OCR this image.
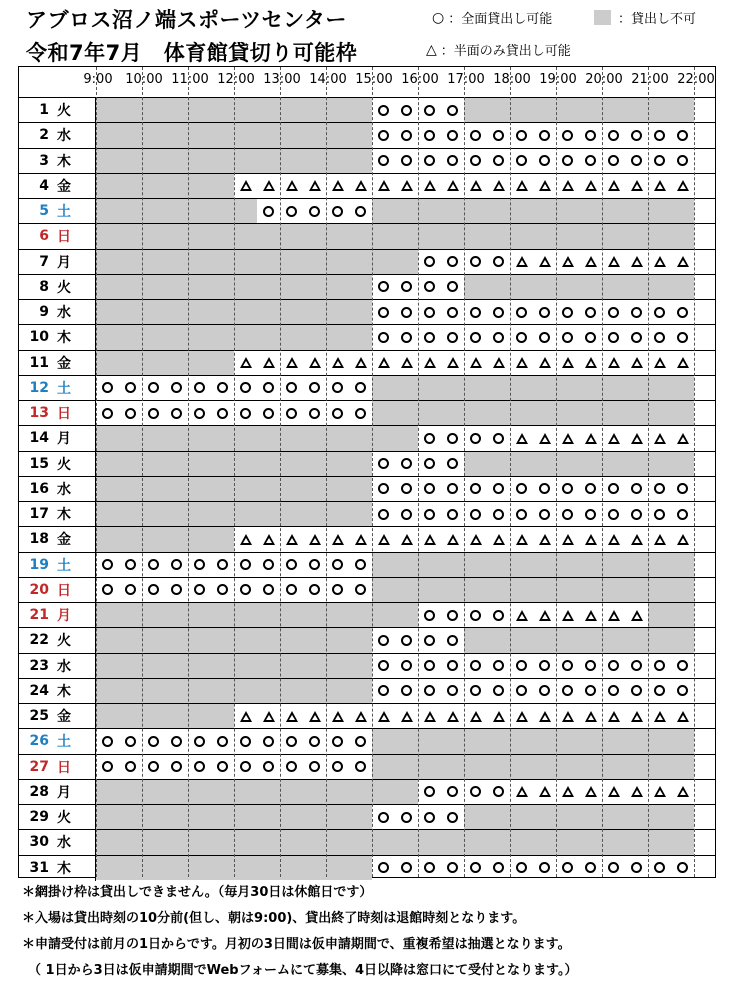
アブロス沼ノ端スポーツセンター
令和7年7月　体育館貸切り可能枠
○ ：全面貸出し可能	：貸出し不可
△ ：半面のみ貸出し可能
9:00 10:00 11:00 12:00 13:00 14:00 15:00 16:00 17:00 18:00 19:00 20:00 21:00 22:00
1 火
2 水
3 木
4 金
5 土
6 日
7 月
8 火
9 水
10 木
11 金
12 土
13 日
14 月
15 火
16 水
17 木
18 金
19 土
20 日
21 月
22 火
23 水
24 木
25 金
26 土
27 日
28 月
29 火
30 水
31 木
＊網掛け枠は貸出しできません。（毎月30日は休館日です）
＊入場は貸出時刻の10分前(但し、朝は9:00)、貸出終了時刻は退館時刻となります。
＊申請受付は前月の1日からです。月初の3日間は仮申請期間で、重複希望は抽選となります。
（ 1日から3日は仮申請期間でWebフォームにて募集、4日以降は窓口にて受付となります。）
